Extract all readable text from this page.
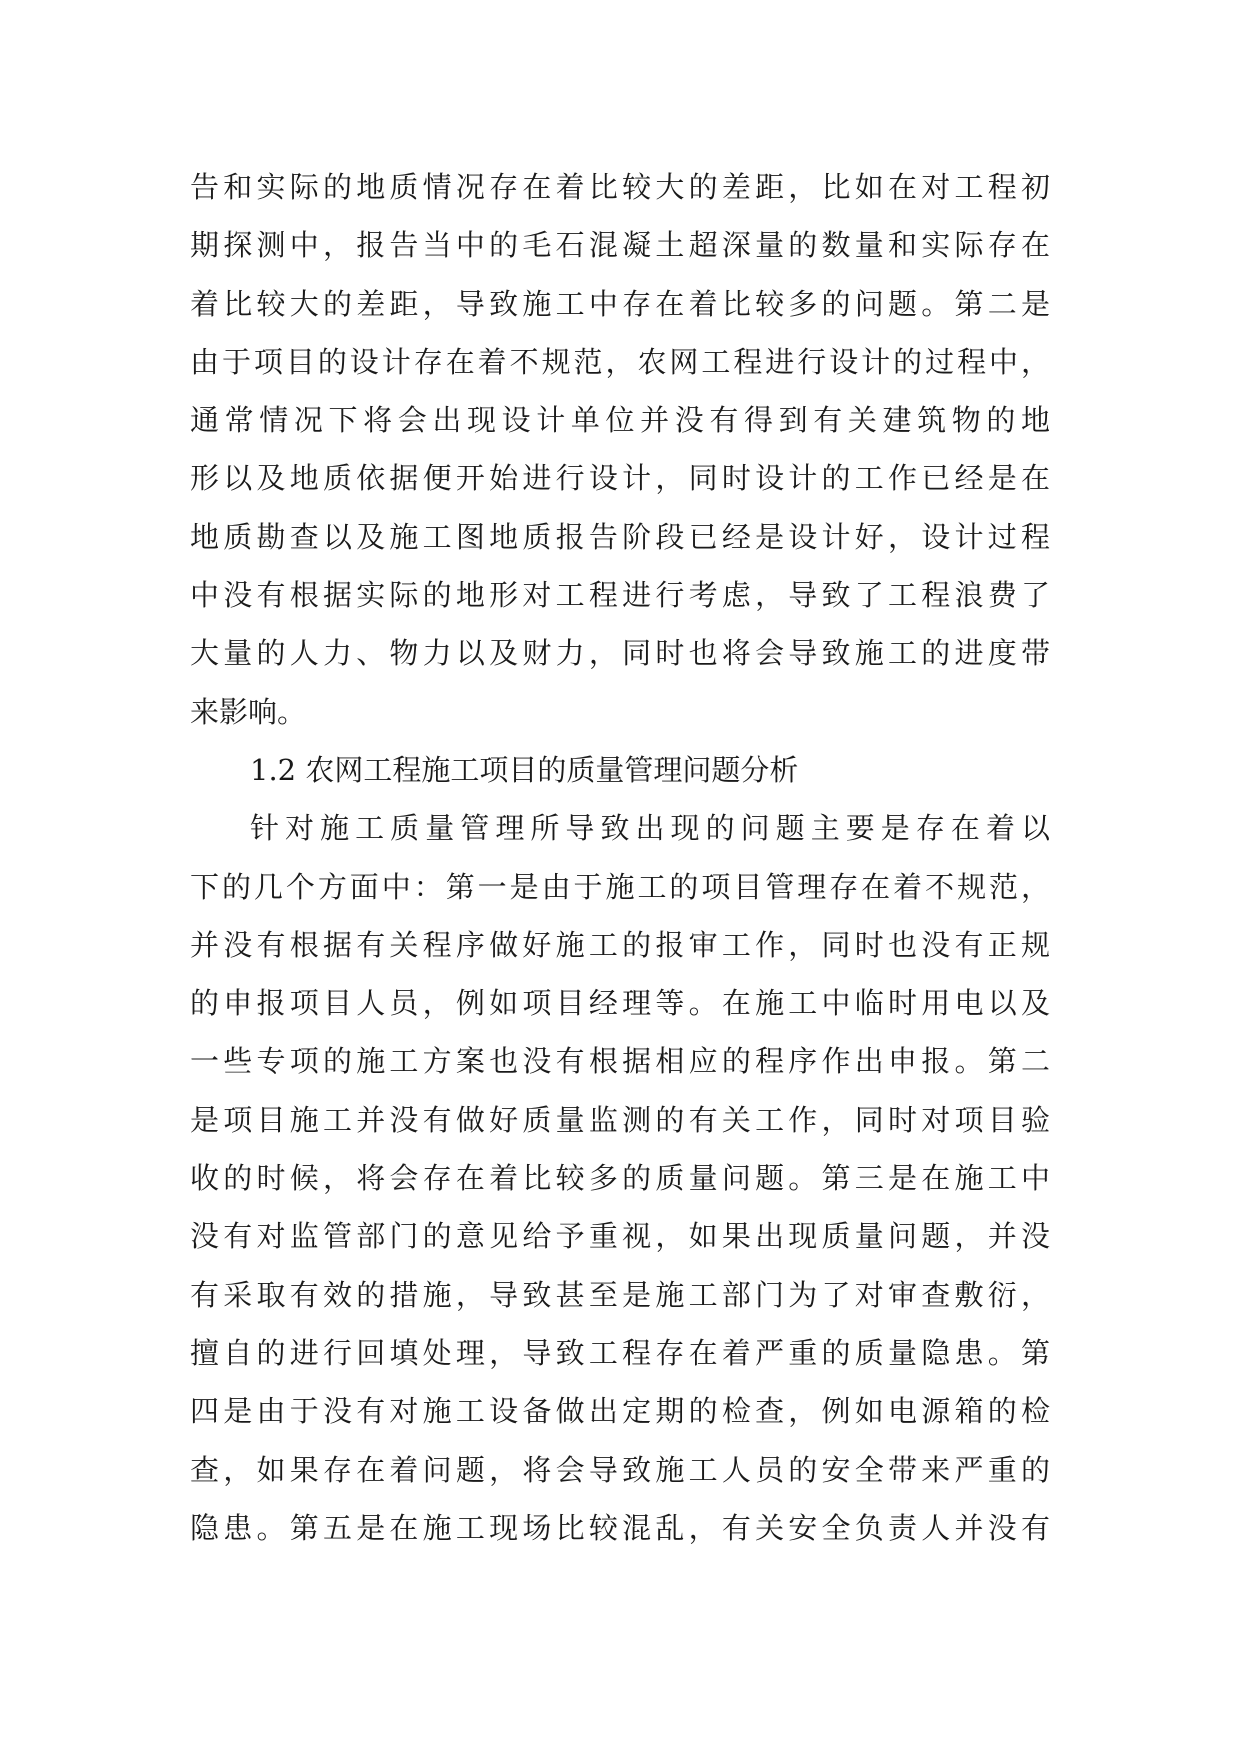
告和实际的地质情况存在着比较大的差距，比如在对工程初
期探测中，报告当中的毛石混凝土超深量的数量和实际存在
着比较大的差距，导致施工中存在着比较多的问题。第二是
由于项目的设计存在着不规范，农网工程进行设计的过程中，
通常情况下将会出现设计单位并没有得到有关建筑物的地
形以及地质依据便开始进行设计，同时设计的工作已经是在
地质勘查以及施工图地质报告阶段已经是设计好，设计过程
中没有根据实际的地形对工程进行考虑，导致了工程浪费了
大量的人力、物力以及财力，同时也将会导致施工的进度带
来影响。
1.2 农网工程施工项目的质量管理问题分析
针对施工质量管理所导致出现的问题主要是存在着以
下的几个方面中：第一是由于施工的项目管理存在着不规范，
并没有根据有关程序做好施工的报审工作，同时也没有正规
的申报项目人员，例如项目经理等。在施工中临时用电以及
一些专项的施工方案也没有根据相应的程序作出申报。第二
是项目施工并没有做好质量监测的有关工作，同时对项目验
收的时候，将会存在着比较多的质量问题。第三是在施工中
没有对监管部门的意见给予重视，如果出现质量问题，并没
有采取有效的措施，导致甚至是施工部门为了对审查敷衍，
擅自的进行回填处理，导致工程存在着严重的质量隐患。第
四是由于没有对施工设备做出定期的检查，例如电源箱的检
查，如果存在着问题，将会导致施工人员的安全带来严重的
隐患。第五是在施工现场比较混乱，有关安全负责人并没有
